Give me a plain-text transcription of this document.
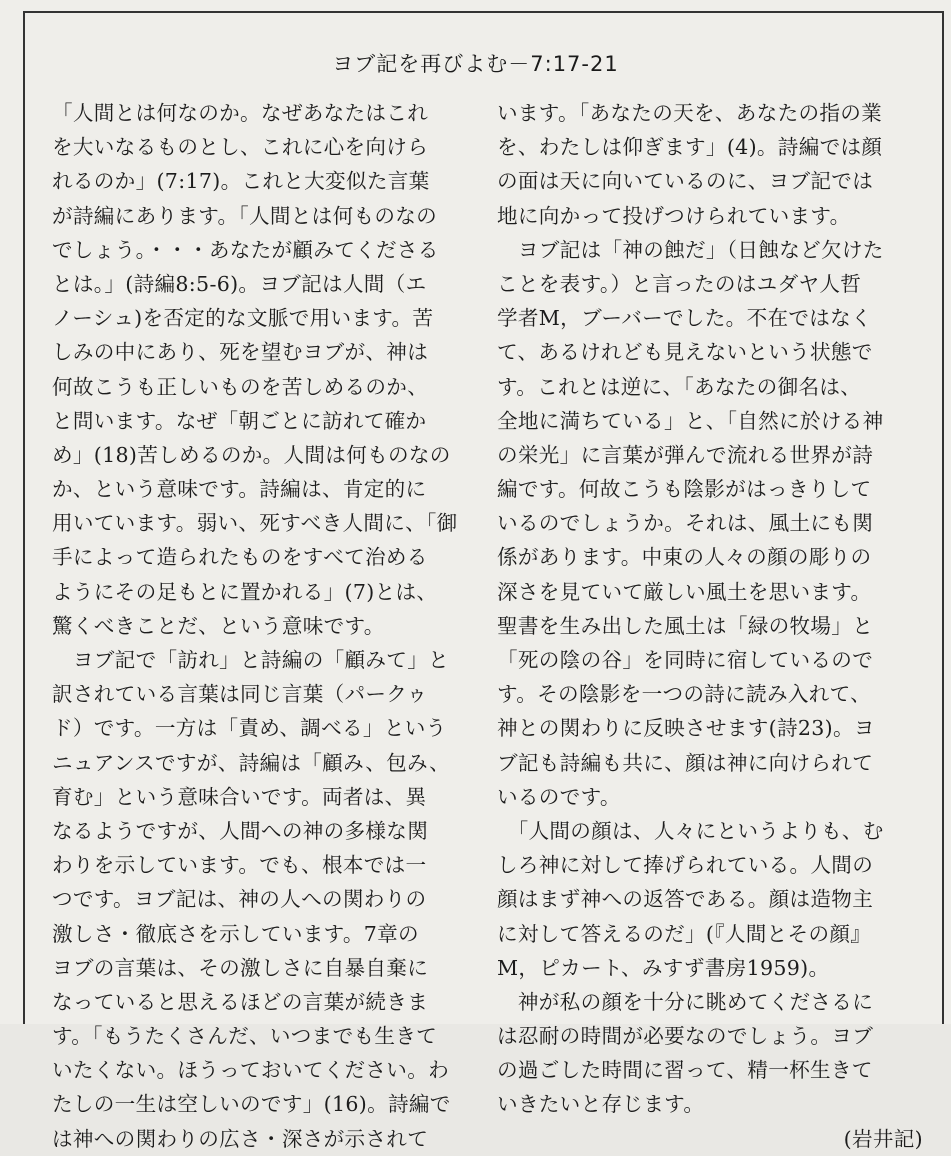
ヨブ記を再びよむ－7:17-21
「人間とは何なのか。なぜあなたはこれ
を大いなるものとし、これに心を向けら
れるのか」(7:17)。これと大変似た言葉
が詩編にあります。「人間とは何ものなの
でしょう。・・・あなたが顧みてくださる
とは。」(詩編8:5-6)。ヨブ記は人間（エ
ノーシュ)を否定的な文脈で用います。苦
しみの中にあり、死を望むヨブが、神は
何故こうも正しいものを苦しめるのか、
と問います。なぜ「朝ごとに訪れて確か
め」(18)苦しめるのか。人間は何ものなの
か、という意味です。詩編は、肯定的に
用いています。弱い、死すべき人間に、「御
手によって造られたものをすべて治める
ようにその足もとに置かれる」(7)とは、
驚くべきことだ、という意味です。
　ヨブ記で「訪れ」と詩編の「顧みて」と
訳されている言葉は同じ言葉（パークゥ
ド）です。一方は「責め、調べる」という
ニュアンスですが、詩編は「顧み、包み、
育む」という意味合いです。両者は、異
なるようですが、人間への神の多様な関
わりを示しています。でも、根本では一
つです。ヨブ記は、神の人への関わりの
激しさ・徹底さを示しています。7章の
ヨブの言葉は、その激しさに自暴自棄に
なっていると思えるほどの言葉が続きま
す。「もうたくさんだ、いつまでも生きて
いたくない。ほうっておいてください。わ
たしの一生は空しいのです」(16)。詩編で
は神への関わりの広さ・深さが示されて
います。「あなたの天を、あなたの指の業
を、わたしは仰ぎます」(4)。詩編では顔
の面は天に向いているのに、ヨブ記では
地に向かって投げつけられています。
　ヨブ記は「神の蝕だ」（日蝕など欠けた
ことを表す。）と言ったのはユダヤ人哲
学者M，ブーバーでした。不在ではなく
て、あるけれども見えないという状態で
す。これとは逆に、「あなたの御名は、
全地に満ちている」と、「自然に於ける神
の栄光」に言葉が弾んで流れる世界が詩
編です。何故こうも陰影がはっきりして
いるのでしょうか。それは、風土にも関
係があります。中東の人々の顔の彫りの
深さを見ていて厳しい風土を思います。
聖書を生み出した風土は「緑の牧場」と
「死の陰の谷」を同時に宿しているので
す。その陰影を一つの詩に読み入れて、
神との関わりに反映させます(詩23)。ヨ
ブ記も詩編も共に、顔は神に向けられて
いるのです。
　「人間の顔は、人々にというよりも、む
しろ神に対して捧げられている。人間の
顔はまず神への返答である。顔は造物主
に対して答えるのだ」(『人間とその顔』
M，ピカート、みすず書房1959)。
　神が私の顔を十分に眺めてくださるに
は忍耐の時間が必要なのでしょう。ヨブ
の過ごした時間に習って、精一杯生きて
いきたいと存じます。
(岩井記)
